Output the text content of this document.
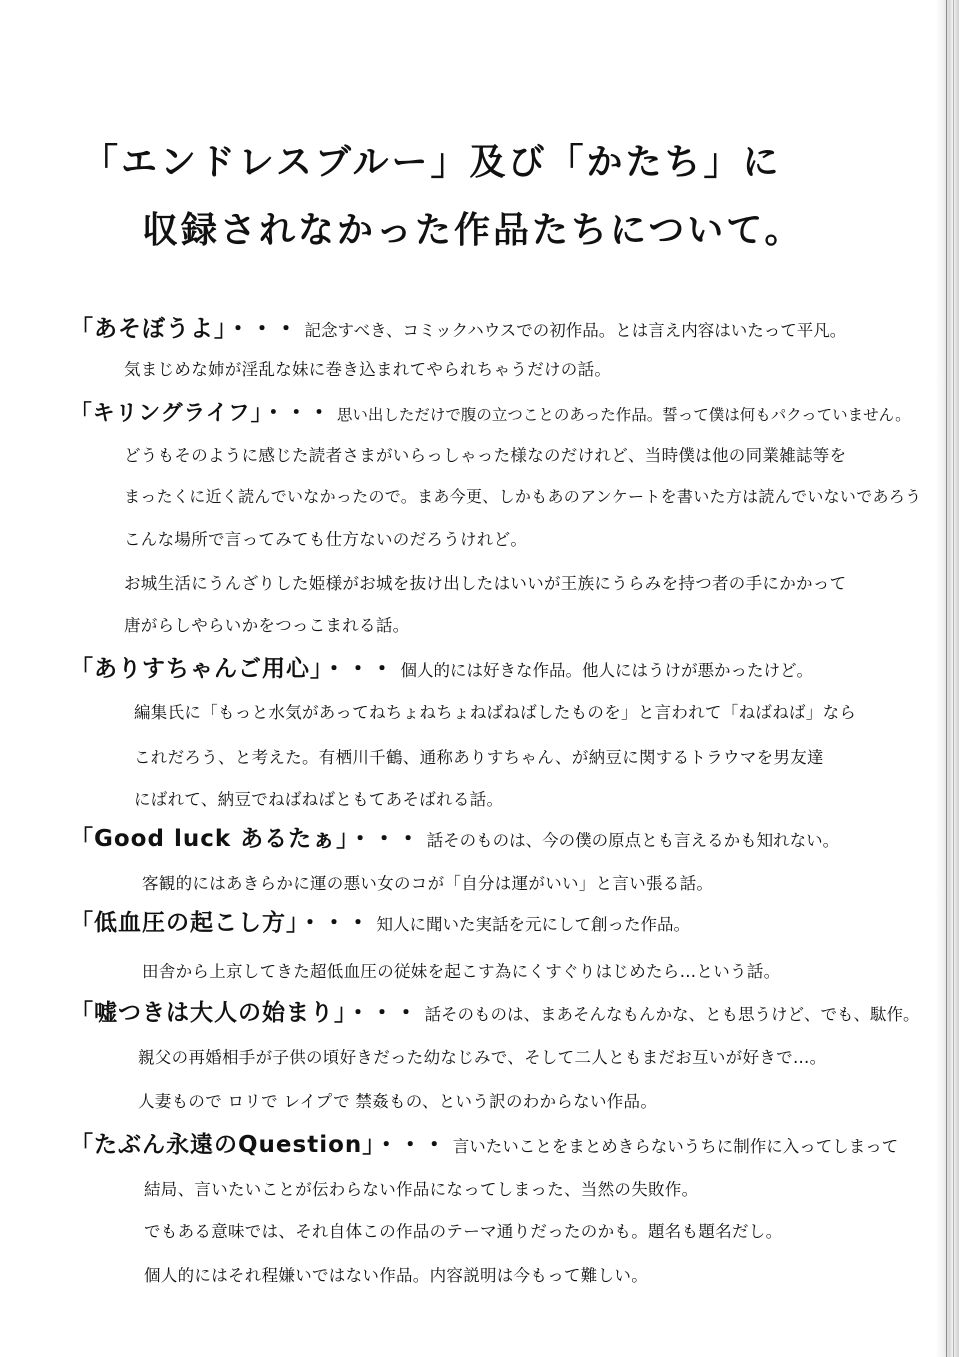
「エンドレスブルー」及び「かたち」に
収録されなかった作品たちについて。
「あそぼうよ」・・・ 記念すべき、コミックハウスでの初作品。とは言え内容はいたって平凡。
気まじめな姉が淫乱な妹に巻き込まれてやられちゃうだけの話。
「キリングライフ」・・・ 思い出しただけで腹の立つことのあった作品。誓って僕は何もパクっていません。
どうもそのように感じた読者さまがいらっしゃった様なのだけれど、当時僕は他の同業雑誌等を
まったくに近く読んでいなかったので。まあ今更、しかもあのアンケートを書いた方は読んでいないであろう
こんな場所で言ってみても仕方ないのだろうけれど。
お城生活にうんざりした姫様がお城を抜け出したはいいが王族にうらみを持つ者の手にかかって
唐がらしやらいかをつっこまれる話。
「ありすちゃんご用心」・・・ 個人的には好きな作品。他人にはうけが悪かったけど。
編集氏に「もっと水気があってねちょねちょねばねばしたものを」と言われて「ねばねば」なら
これだろう、と考えた。有栖川千鶴、通称ありすちゃん、が納豆に関するトラウマを男友達
にばれて、納豆でねばねばともてあそばれる話。
「Good luck あるたぁ」・・・ 話そのものは、今の僕の原点とも言えるかも知れない。
客観的にはあきらかに運の悪い女のコが「自分は運がいい」と言い張る話。
「低血圧の起こし方」・・・ 知人に聞いた実話を元にして創った作品。
田舎から上京してきた超低血圧の従妹を起こす為にくすぐりはじめたら…という話。
「嘘つきは大人の始まり」・・・ 話そのものは、まあそんなもんかな、とも思うけど、でも、駄作。
親父の再婚相手が子供の頃好きだった幼なじみで、そして二人ともまだお互いが好きで…。
人妻もので ロリで レイプで 禁姦もの、という訳のわからない作品。
「たぶん永遠のQuestion」・・・ 言いたいことをまとめきらないうちに制作に入ってしまって
結局、言いたいことが伝わらない作品になってしまった、当然の失敗作。
でもある意味では、それ自体この作品のテーマ通りだったのかも。題名も題名だし。
個人的にはそれ程嫌いではない作品。内容説明は今もって難しい。
